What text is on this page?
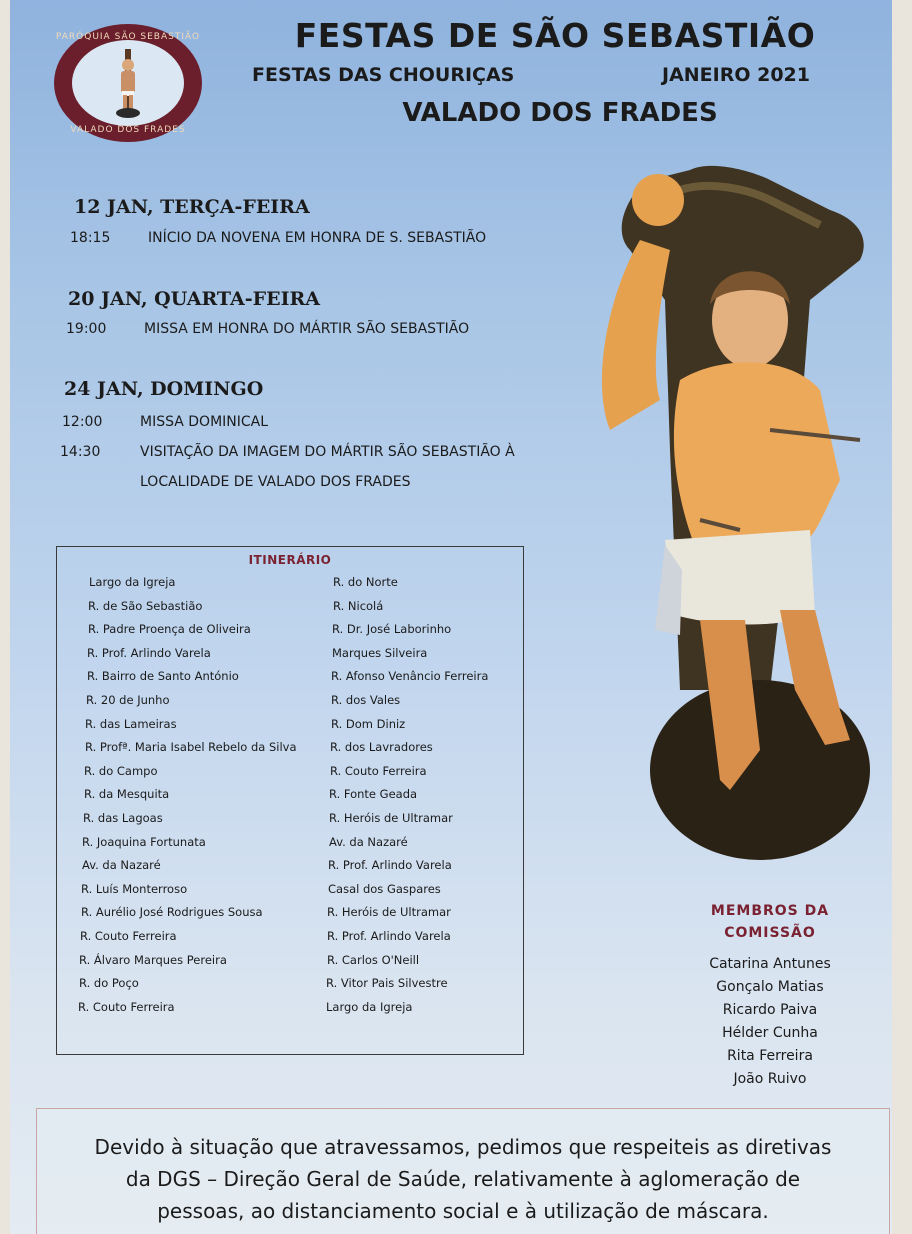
PARÓQUIA SÃO SEBASTIÃO
VALADO DOS FRADES
FESTAS DE SÃO SEBASTIÃO
FESTAS DAS CHOURIÇAS	JANEIRO 2021
VALADO DOS FRADES
12 JAN, TERÇA-FEIRA
18:15	INÍCIO DA NOVENA EM HONRA DE S. SEBASTIÃO
20 JAN, QUARTA-FEIRA
19:00	MISSA EM HONRA DO MÁRTIR SÃO SEBASTIÃO
24 JAN, DOMINGO
12:00	MISSA DOMINICAL
14:30	VISITAÇÃO DA IMAGEM DO MÁRTIR SÃO SEBASTIÃO À
LOCALIDADE DE VALADO DOS FRADES
ITINERÁRIO
Largo da Igreja
R. de São Sebastião
R. Padre Proença de Oliveira
R. Prof. Arlindo Varela
R. Bairro de Santo António
R. 20 de Junho
R. das Lameiras
R. Profª. Maria Isabel Rebelo da Silva
R. do Campo
R. da Mesquita
R. das Lagoas
R. Joaquina Fortunata
Av. da Nazaré
R. Luís Monterroso
R. Aurélio José Rodrigues Sousa
R. Couto Ferreira
R. Álvaro Marques Pereira
R. do Poço
R. Couto Ferreira
R. do Norte
R. Nicolá
R. Dr. José Laborinho
Marques Silveira
R. Afonso Venâncio Ferreira
R. dos Vales
R. Dom Diniz
R. dos Lavradores
R. Couto Ferreira
R. Fonte Geada
R. Heróis de Ultramar
Av. da Nazaré
R. Prof. Arlindo Varela
Casal dos Gaspares
R. Heróis de Ultramar
R. Prof. Arlindo Varela
R. Carlos O'Neill
R. Vitor Pais Silvestre
Largo da Igreja
MEMBROS DA
COMISSÃO
Catarina Antunes
Gonçalo Matias
Ricardo Paiva
Hélder Cunha
Rita Ferreira
João Ruivo
Devido à situação que atravessamos, pedimos que respeiteis as diretivas
da DGS – Direção Geral de Saúde, relativamente à aglomeração de
pessoas, ao distanciamento social e à utilização de máscara.
